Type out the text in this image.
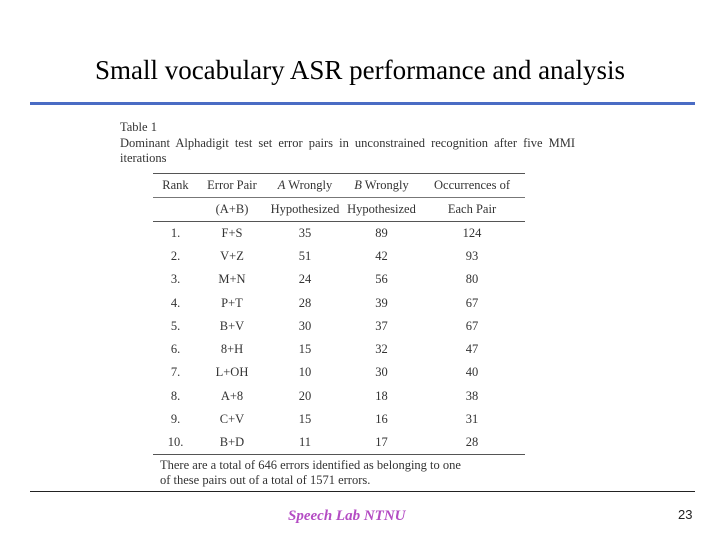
Small vocabulary ASR performance and analysis
Table 1
Dominant Alphadigit test set error pairs in unconstrained recognition after five MMI iterations
Rank	Error Pair	A Wrongly	B Wrongly	Occurrences of
	(A+B)	Hypothesized	Hypothesized	Each Pair
1.	F+S	35	89	124
2.	V+Z	51	42	93
3.	M+N	24	56	80
4.	P+T	28	39	67
5.	B+V	30	37	67
6.	8+H	15	32	47
7.	L+OH	10	30	40
8.	A+8	20	18	38
9.	C+V	15	16	31
10.	B+D	11	17	28
There are a total of 646 errors identified as belonging to one
of these pairs out of a total of 1571 errors.
Speech Lab NTNU	23
